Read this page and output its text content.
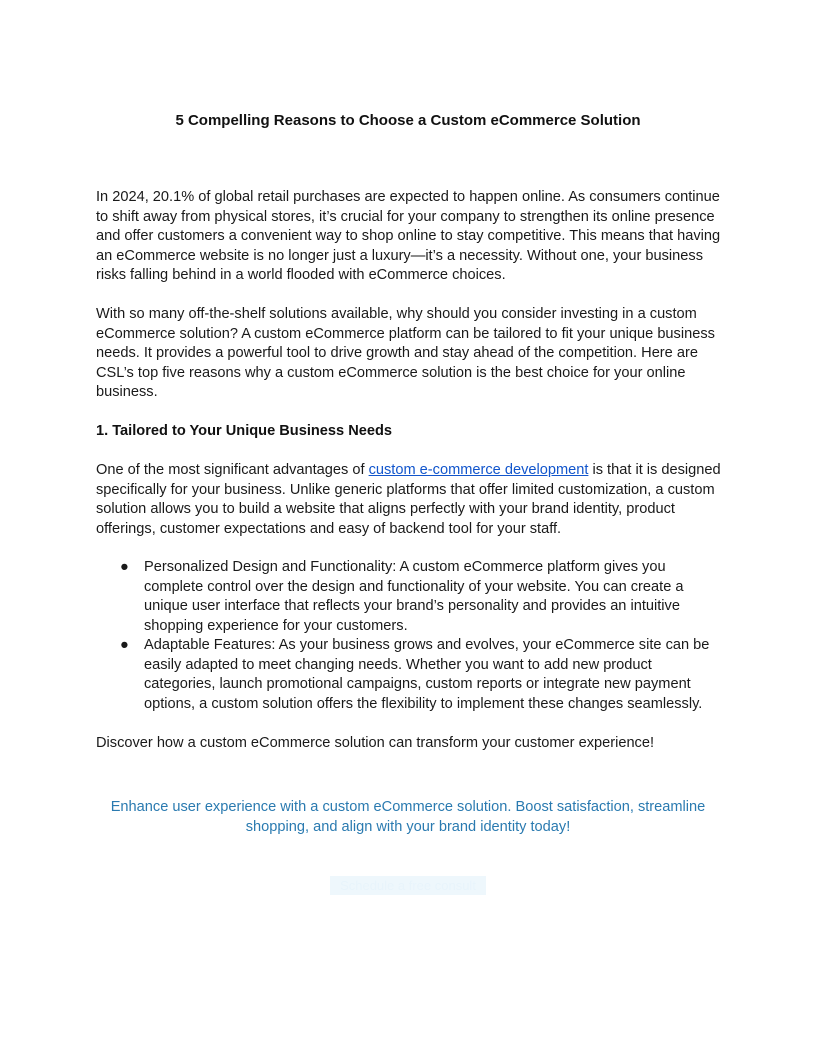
5 Compelling Reasons to Choose a Custom eCommerce Solution

In 2024, 20.1% of global retail purchases are expected to happen online. As consumers continue to shift away from physical stores, it’s crucial for your company to strengthen its online presence and offer customers a convenient way to shop online to stay competitive. This means that having an eCommerce website is no longer just a luxury—it’s a necessity. Without one, your business risks falling behind in a world flooded with eCommerce choices.

With so many off-the-shelf solutions available, why should you consider investing in a custom eCommerce solution? A custom eCommerce platform can be tailored to fit your unique business needs. It provides a powerful tool to drive growth and stay ahead of the competition. Here are CSL’s top five reasons why a custom eCommerce solution is the best choice for your online business.

1. Tailored to Your Unique Business Needs

One of the most significant advantages of custom e-commerce development is that it is designed specifically for your business. Unlike generic platforms that offer limited customization, a custom solution allows you to build a website that aligns perfectly with your brand identity, product offerings, customer expectations and easy of backend tool for your staff.

● Personalized Design and Functionality: A custom eCommerce platform gives you complete control over the design and functionality of your website. You can create a unique user interface that reflects your brand’s personality and provides an intuitive shopping experience for your customers.
● Adaptable Features: As your business grows and evolves, your eCommerce site can be easily adapted to meet changing needs. Whether you want to add new product categories, launch promotional campaigns, custom reports or integrate new payment options, a custom solution offers the flexibility to implement these changes seamlessly.

Discover how a custom eCommerce solution can transform your customer experience!

Enhance user experience with a custom eCommerce solution. Boost satisfaction, streamline shopping, and align with your brand identity today!

Schedule a free consult
